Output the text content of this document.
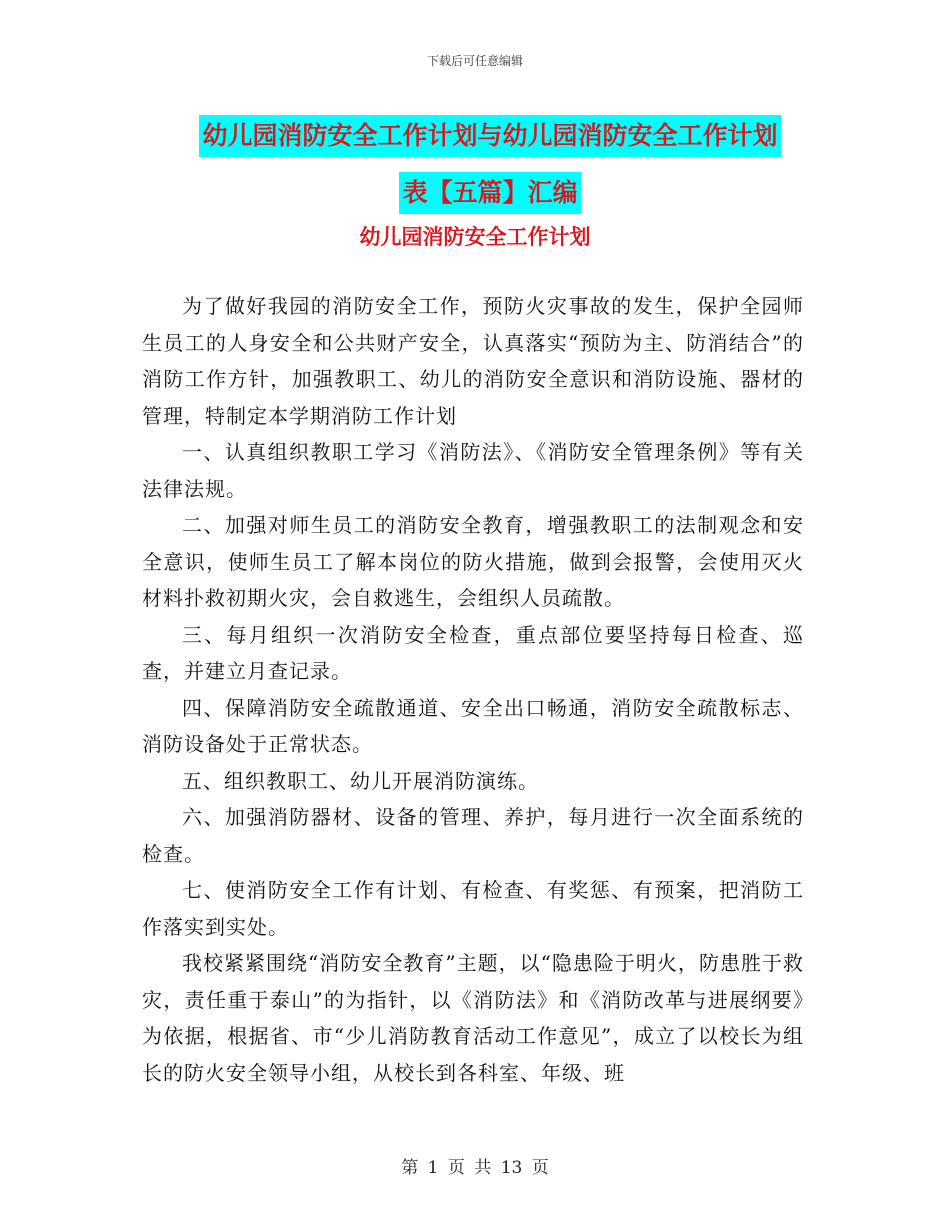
下载后可任意编辑
幼儿园消防安全工作计划与幼儿园消防安全工作计划
表【五篇】汇编
幼儿园消防安全工作计划

为了做好我园的消防安全工作，预防火灾事故的发生，保护全园师生员工的人身安全和公共财产安全，认真落实“预防为主、防消结合”的消防工作方针，加强教职工、幼儿的消防安全意识和消防设施、器材的管理，特制定本学期消防工作计划

一、认真组织教职工学习《消防法》、《消防安全管理条例》等有关法律法规。

二、加强对师生员工的消防安全教育，增强教职工的法制观念和安全意识，使师生员工了解本岗位的防火措施，做到会报警，会使用灭火材料扑救初期火灾，会自救逃生，会组织人员疏散。

三、每月组织一次消防安全检查，重点部位要坚持每日检查、巡查，并建立月查记录。

四、保障消防安全疏散通道、安全出口畅通，消防安全疏散标志、消防设备处于正常状态。

五、组织教职工、幼儿开展消防演练。

六、加强消防器材、设备的管理、养护，每月进行一次全面系统的检查。

七、使消防安全工作有计划、有检查、有奖惩、有预案，把消防工作落实到实处。

我校紧紧围绕“消防安全教育”主题，以“隐患险于明火，防患胜于救灾，责任重于泰山”的为指针，以《消防法》和《消防改革与进展纲要》为依据，根据省、市“少儿消防教育活动工作意见”，成立了以校长为组长的防火安全领导小组，从校长到各科室、年级、班

第 1 页 共 13 页
